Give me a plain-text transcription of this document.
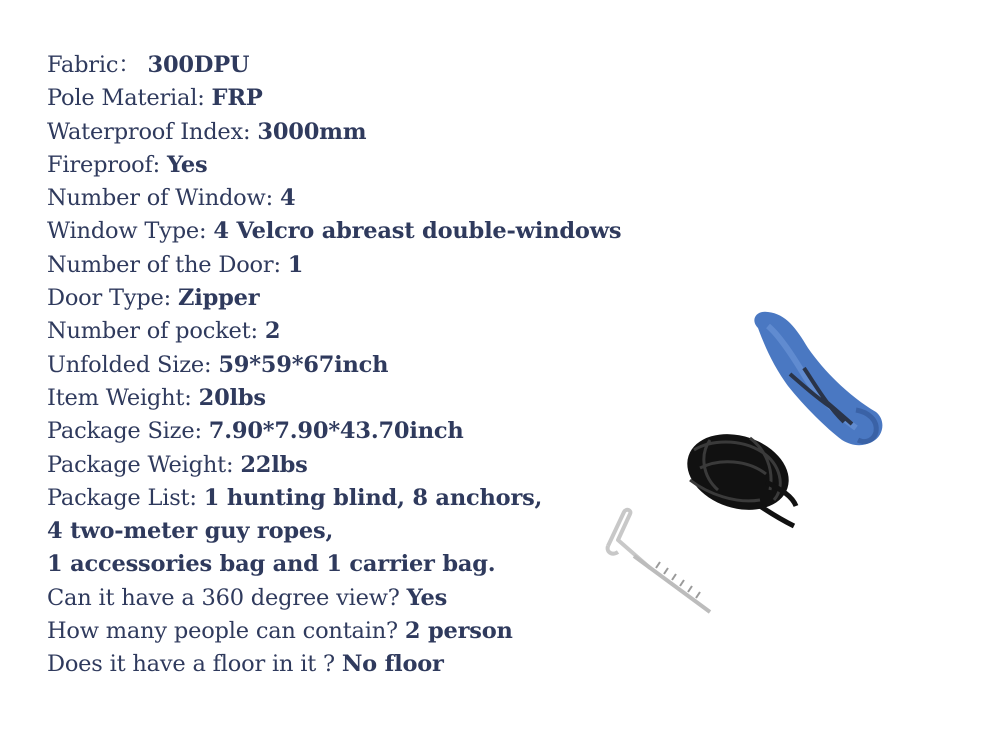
Fabric： 300DPU
Pole Material: FRP
Waterproof Index: 3000mm
Fireproof: Yes
Number of Window: 4
Window Type: 4 Velcro abreast double-windows
Number of the Door: 1
Door Type: Zipper
Number of pocket: 2
Unfolded Size: 59*59*67inch
Item Weight: 20lbs
Package Size: 7.90*7.90*43.70inch
Package Weight: 22lbs
Package List: 1 hunting blind, 8 anchors,
4 two-meter guy ropes,
1 accessories bag and 1 carrier bag.
Can it have a 360 degree view? Yes
How many people can contain? 2 person
Does it have a floor in it ? No floor
